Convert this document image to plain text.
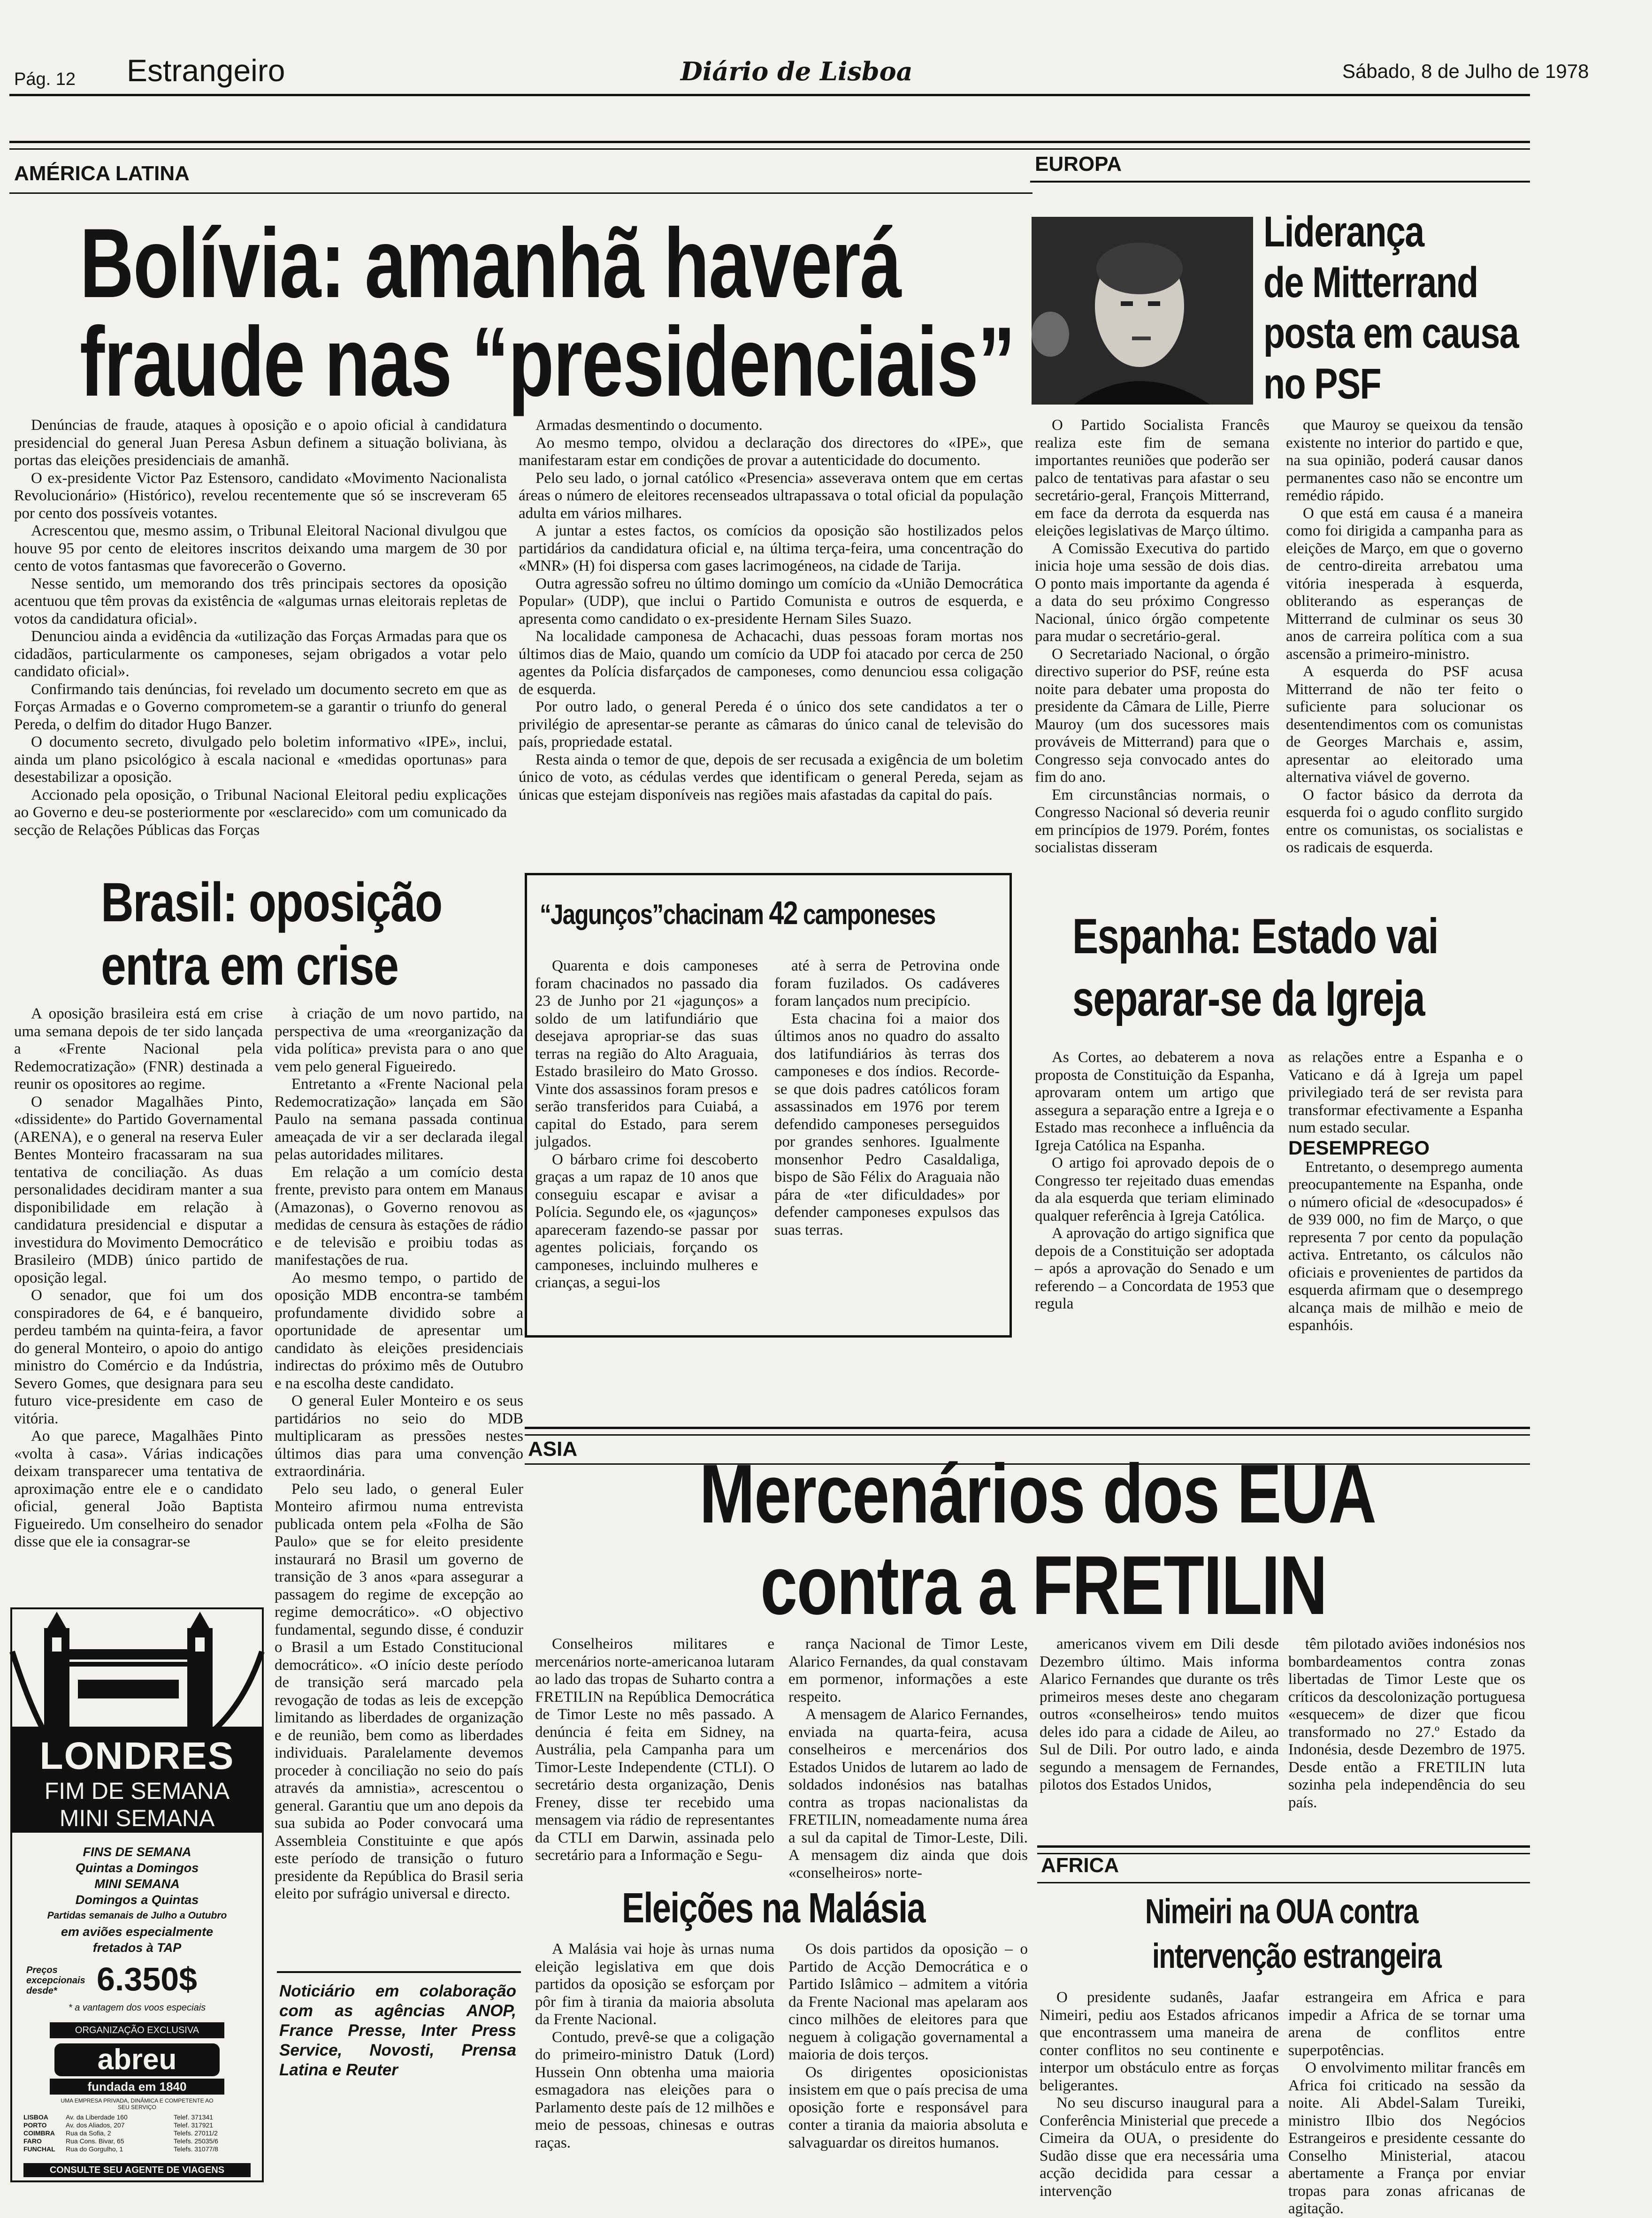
Pág. 12 Estrangeiro	Diário de Lisboa	Sábado, 8 de Julho de 1978
AMÉRICA LATINA
Bolívia: amanhã haverá
fraude nas “presidenciais”

Denúncias de fraude, ataques à oposição e o apoio oficial à candidatura presidencial do general Juan Peresa Asbun definem a situação boliviana, às portas das eleições presidenciais de amanhã.

O ex-presidente Victor Paz Estensoro, candidato «Movimento Nacionalista Revolucionário» (Histórico), revelou recentemente que só se inscreveram 65 por cento dos possíveis votantes.

Acrescentou que, mesmo assim, o Tribunal Eleitoral Nacional divulgou que houve 95 por cento de eleitores inscritos deixando uma margem de 30 por cento de votos fantasmas que favorecerão o Governo.

Nesse sentido, um memorando dos três principais sectores da oposição acentuou que têm provas da existência de «algumas urnas eleitorais repletas de votos da candidatura oficial».

Denunciou ainda a evidência da «utilização das Forças Armadas para que os cidadãos, particularmente os camponeses, sejam obrigados a votar pelo candidato oficial».

Confirmando tais denúncias, foi revelado um documento secreto em que as Forças Armadas e o Governo comprometem-se a garantir o triunfo do general Pereda, o delfim do ditador Hugo Banzer.

O documento secreto, divulgado pelo boletim informativo «IPE», inclui, ainda um plano psicológico à escala nacional e «medidas oportunas» para desestabilizar a oposição.

Accionado pela oposição, o Tribunal Nacional Eleitoral pediu explicações ao Governo e deu-se posteriormente por «esclarecido» com um comunicado da secção de Relações Públicas das Forças

Armadas desmentindo o documento.

Ao mesmo tempo, olvidou a declaração dos directores do «IPE», que manifestaram estar em condições de provar a autenticidade do documento.

Pelo seu lado, o jornal católico «Presencia» asseverava ontem que em certas áreas o número de eleitores recenseados ultrapassava o total oficial da população adulta em vários milhares.

A juntar a estes factos, os comícios da oposição são hostilizados pelos partidários da candidatura oficial e, na última terça-feira, uma concentração do «MNR» (H) foi dispersa com gases lacrimogéneos, na cidade de Tarija.

Outra agressão sofreu no último domingo um comício da «União Democrática Popular» (UDP), que inclui o Partido Comunista e outros de esquerda, e apresenta como candidato o ex-presidente Hernam Siles Suazo.

Na localidade camponesa de Achacachi, duas pessoas foram mortas nos últimos dias de Maio, quando um comício da UDP foi atacado por cerca de 250 agentes da Polícia disfarçados de camponeses, como denunciou essa coligação de esquerda.

Por outro lado, o general Pereda é o único dos sete candidatos a ter o privilégio de apresentar-se perante as câmaras do único canal de televisão do país, propriedade estatal.

Resta ainda o temor de que, depois de ser recusada a exigência de um boletim único de voto, as cédulas verdes que identificam o general Pereda, sejam as únicas que estejam disponíveis nas regiões mais afastadas da capital do país.

EUROPA
Liderança
de Mitterrand
posta em causa
no PSF

O Partido Socialista Francês realiza este fim de semana importantes reuniões que poderão ser palco de tentativas para afastar o seu secretário-geral, François Mitterrand, em face da derrota da esquerda nas eleições legislativas de Março último.

A Comissão Executiva do partido inicia hoje uma sessão de dois dias. O ponto mais importante da agenda é a data do seu próximo Congresso Nacional, único órgão competente para mudar o secretário-geral.

O Secretariado Nacional, o órgão directivo superior do PSF, reúne esta noite para debater uma proposta do presidente da Câmara de Lille, Pierre Mauroy (um dos sucessores mais prováveis de Mitterrand) para que o Congresso seja convocado antes do fim do ano.

Em circunstâncias normais, o Congresso Nacional só deveria reunir em princípios de 1979. Porém, fontes socialistas disseram

que Mauroy se queixou da tensão existente no interior do partido e que, na sua opinião, poderá causar danos permanentes caso não se encontre um remédio rápido.

O que está em causa é a maneira como foi dirigida a campanha para as eleições de Março, em que o governo de centro-direita arrebatou uma vitória inesperada à esquerda, obliterando as esperanças de Mitterrand de culminar os seus 30 anos de carreira política com a sua ascensão a primeiro-ministro.

A esquerda do PSF acusa Mitterrand de não ter feito o suficiente para solucionar os desentendimentos com os comunistas de Georges Marchais e, assim, apresentar ao eleitorado uma alternativa viável de governo.

O factor básico da derrota da esquerda foi o agudo conflito surgido entre os comunistas, os socialistas e os radicais de esquerda.

Brasil: oposição
entra em crise

A oposição brasileira está em crise uma semana depois de ter sido lançada a «Frente Nacional pela Redemocratização» (FNR) destinada a reunir os opositores ao regime.

O senador Magalhães Pinto, «dissidente» do Partido Governamental (ARENA), e o general na reserva Euler Bentes Monteiro fracassaram na sua tentativa de conciliação. As duas personalidades decidiram manter a sua disponibilidade em relação à candidatura presidencial e disputar a investidura do Movimento Democrático Brasileiro (MDB) único partido de oposição legal.

O senador, que foi um dos conspiradores de 64, e é banqueiro, perdeu também na quinta-feira, a favor do general Monteiro, o apoio do antigo ministro do Comércio e da Indústria, Severo Gomes, que designara para seu futuro vice-presidente em caso de vitória.

Ao que parece, Magalhães Pinto «volta à casa». Várias indicações deixam transparecer uma tentativa de aproximação entre ele e o candidato oficial, general João Baptista Figueiredo. Um conselheiro do senador disse que ele ia consagrar-se

à criação de um novo partido, na perspectiva de uma «reorganização da vida política» prevista para o ano que vem pelo general Figueiredo.

Entretanto a «Frente Nacional pela Redemocratização» lançada em São Paulo na semana passada continua ameaçada de vir a ser declarada ilegal pelas autoridades militares.

Em relação a um comício desta frente, previsto para ontem em Manaus (Amazonas), o Governo renovou as medidas de censura às estações de rádio e de televisão e proibiu todas as manifestações de rua.

Ao mesmo tempo, o partido de oposição MDB encontra-se também profundamente dividido sobre a oportunidade de apresentar um candidato às eleições presidenciais indirectas do próximo mês de Outubro e na escolha deste candidato.

O general Euler Monteiro e os seus partidários no seio do MDB multiplicaram as pressões nestes últimos dias para uma convenção extraordinária.

Pelo seu lado, o general Euler Monteiro afirmou numa entrevista publicada ontem pela «Folha de São Paulo» que se for eleito presidente instaurará no Brasil um governo de transição de 3 anos «para assegurar a passagem do regime de excepção ao regime democrático». «O objectivo fundamental, segundo disse, é conduzir o Brasil a um Estado Constitucional democrático». «O início deste período de transição será marcado pela revogação de todas as leis de excepção limitando as liberdades de organização e de reunião, bem como as liberdades individuais. Paralelamente devemos proceder à conciliação no seio do país através da amnistia», acrescentou o general. Garantiu que um ano depois da sua subida ao Poder convocará uma Assembleia Constituinte e que após este período de transição o futuro presidente da República do Brasil seria eleito por sufrágio universal e directo.

“Jagunços”chacinam 42 camponeses

Quarenta e dois camponeses foram chacinados no passado dia 23 de Junho por 21 «jagunços» a soldo de um latifundiário que desejava apropriar-se das suas terras na região do Alto Araguaia, Estado brasileiro do Mato Grosso. Vinte dos assassinos foram presos e serão transferidos para Cuiabá, a capital do Estado, para serem julgados.

O bárbaro crime foi descoberto graças a um rapaz de 10 anos que conseguiu escapar e avisar a Polícia. Segundo ele, os «jagunços» apareceram fazendo-se passar por agentes policiais, forçando os camponeses, incluindo mulheres e crianças, a segui-los

até à serra de Petrovina onde foram fuzilados. Os cadáveres foram lançados num precipício.

Esta chacina foi a maior dos últimos anos no quadro do assalto dos latifundiários às terras dos camponeses e dos índios. Recorde-se que dois padres católicos foram assassinados em 1976 por terem defendido camponeses perseguidos por grandes senhores. Igualmente monsenhor Pedro Casaldaliga, bispo de São Félix do Araguaia não pára de «ter dificuldades» por defender camponeses expulsos das suas terras.

Espanha: Estado vai
separar-se da Igreja

As Cortes, ao debaterem a nova proposta de Constituição da Espanha, aprovaram ontem um artigo que assegura a separação entre a Igreja e o Estado mas reconhece a influência da Igreja Católica na Espanha.

O artigo foi aprovado depois de o Congresso ter rejeitado duas emendas da ala esquerda que teriam eliminado qualquer referência à Igreja Católica.

A aprovação do artigo significa que depois de a Constituição ser adoptada – após a aprovação do Senado e um referendo – a Concordata de 1953 que regula

as relações entre a Espanha e o Vaticano e dá à Igreja um papel privilegiado terá de ser revista para transformar efectivamente a Espanha num estado secular.
DESEMPREGO

Entretanto, o desemprego aumenta preocupantemente na Espanha, onde o número oficial de «desocupados» é de 939 000, no fim de Março, o que representa 7 por cento da população activa. Entretanto, os cálculos não oficiais e provenientes de partidos da esquerda afirmam que o desemprego alcança mais de milhão e meio de espanhóis.

ASIA Mercenários dos EUA
contra a FRETILIN

Conselheiros militares e mercenários norte-americanoa lutaram ao lado das tropas de Suharto contra a FRETILIN na República Democrática de Timor Leste no mês passado. A denúncia é feita em Sidney, na Austrália, pela Campanha para um Timor-Leste Independente (CTLI). O secretário desta organização, Denis Freney, disse ter recebido uma mensagem via rádio de representantes da CTLI em Darwin, assinada pelo secretário para a Informação e Segu-

rança Nacional de Timor Leste, Alarico Fernandes, da qual constavam em pormenor, informações a este respeito.

A mensagem de Alarico Fernandes, enviada na quarta-feira, acusa conselheiros e mercenários dos Estados Unidos de lutarem ao lado de soldados indonésios nas batalhas contra as tropas nacionalistas da FRETILIN, nomeadamente numa área a sul da capital de Timor-Leste, Dili. A mensagem diz ainda que dois «conselheiros» norte-

americanos vivem em Dili desde Dezembro último. Mais informa Alarico Fernandes que durante os três primeiros meses deste ano chegaram outros «conselheiros» tendo muitos deles ido para a cidade de Aileu, ao Sul de Dili. Por outro lado, e ainda segundo a mensagem de Fernandes, pilotos dos Estados Unidos,

têm pilotado aviões indonésios nos bombardeamentos contra zonas libertadas de Timor Leste que os críticos da descolonização portuguesa «esquecem» de dizer que ficou transformado no 27.º Estado da Indonésia, desde Dezembro de 1975. Desde então a FRETILIN luta sozinha pela independência do seu país.

Eleições na Malásia

A Malásia vai hoje às urnas numa eleição legislativa em que dois partidos da oposição se esforçam por pôr fim à tirania da maioria absoluta da Frente Nacional.

Contudo, prevê-se que a coligação do primeiro-ministro Datuk (Lord) Hussein Onn obtenha uma maioria esmagadora nas eleições para o Parlamento deste país de 12 milhões e meio de pessoas, chinesas e outras raças.

Os dois partidos da oposição – o Partido de Acção Democrática e o Partido Islâmico – admitem a vitória da Frente Nacional mas apelaram aos cinco milhões de eleitores para que neguem à coligação governamental a maioria de dois terços.

Os dirigentes oposicionistas insistem em que o país precisa de uma oposição forte e responsável para conter a tirania da maioria absoluta e salvaguardar os direitos humanos.

AFRICA
Nimeiri na OUA contra
intervenção estrangeira

O presidente sudanês, Jaafar Nimeiri, pediu aos Estados africanos que encontrassem uma maneira de conter conflitos no seu continente e interpor um obstáculo entre as forças beligerantes.

No seu discurso inaugural para a Conferência Ministerial que precede a Cimeira da OUA, o presidente do Sudão disse que era necessária uma acção decidida para cessar a intervenção

estrangeira em Africa e para impedir a Africa de se tornar uma arena de conflitos entre superpotências.

O envolvimento militar francês em Africa foi criticado na sessão da noite. Ali Abdel-Salam Tureiki, ministro Ilbio dos Negócios Estrangeiros e presidente cessante do Conselho Ministerial, atacou abertamente a França por enviar tropas para zonas africanas de agitação.

LONDRES
FIM DE SEMANA
MINI SEMANA
FINS DE SEMANA
Quintas a Domingos
MINI SEMANA
Domingos a Quintas
Partidas semanais de Julho a Outubro
em aviões especialmente
fretados à TAP
Preços excepcionais desde*	6.350$
* a vantagem dos voos especiais
ORGANIZAÇÃO EXCLUSIVA
abreu
fundada em 1840
UMA EMPRESA PRIVADA, DINÂMICA E COMPETENTE AO SEU SERVIÇO
LISBOA	Av. da Liberdade 160	Telef. 371341
PORTO	Av. dos Aliados, 207	Telef. 317921
COIMBRA Rua da Sofia, 2	Telefs. 27011/2
FARO	Rua Cons. Bivar, 65	Telefs. 25035/6
FUNCHAL Rua do Gorgulho, 1	Telefs. 31077/8
CONSULTE SEU AGENTE DE VIAGENS
Noticiário em colaboração com as agências ANOP, France Presse, Inter Press Service, Novosti, Prensa Latina e Reuter
